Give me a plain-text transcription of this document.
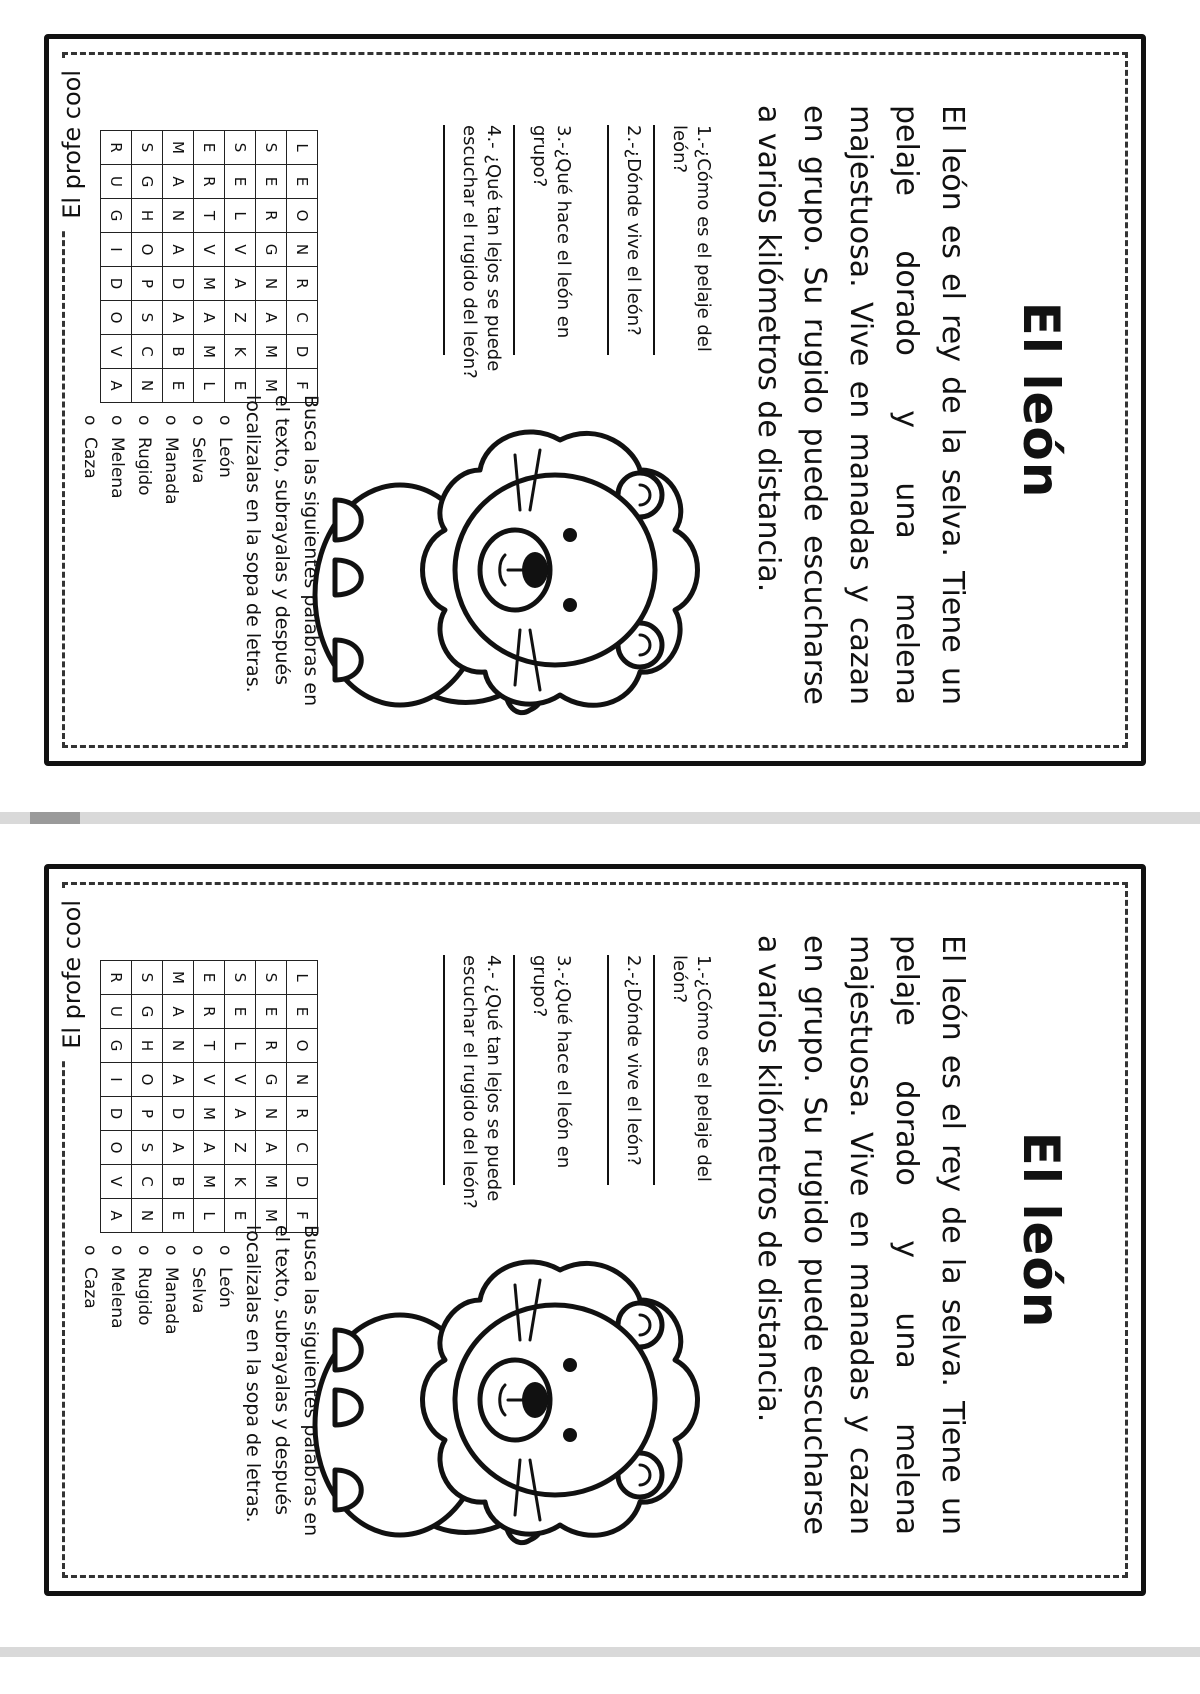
El profe cool
El león
El león es el rey de la selva. Tiene un pelaje dorado y una melena majestuosa. Vive en manadas y cazan en grupo. Su rugido puede escucharse a varios kilómetros de distancia.
1.-¿Cómo es el pelaje del león?
2.-¿Dónde vive el león?
3.-¿Qué hace el león en grupo?
4.- ¿Qué tan lejos se puede escuchar el rugido del león?
L	E	O	N	R	C	D	F
S	E	R	G	N	A	M	M
S	E	L	V	A	Z	K	E
E	R	T	V	M	A	M	L
M	A	N	A	D	A	B	E
S	G	H	O	P	S	C	N
R	U	G	I	D	O	V	A
Busca las siguientes palabras en el texto, subrayalas y después localizalas en la sopa de letras.
oLeón
oSelva
oManada
oRugido
oMelena
oCaza
El profe cool
El león
El león es el rey de la selva. Tiene un pelaje dorado y una melena majestuosa. Vive en manadas y cazan en grupo. Su rugido puede escucharse a varios kilómetros de distancia.
1.-¿Cómo es el pelaje del león?
2.-¿Dónde vive el león?
3.-¿Qué hace el león en grupo?
4.- ¿Qué tan lejos se puede escuchar el rugido del león?
L	E	O	N	R	C	D	F
S	E	R	G	N	A	M	M
S	E	L	V	A	Z	K	E
E	R	T	V	M	A	M	L
M	A	N	A	D	A	B	E
S	G	H	O	P	S	C	N
R	U	G	I	D	O	V	A
Busca las siguientes palabras en el texto, subrayalas y después localizalas en la sopa de letras.
oLeón
oSelva
oManada
oRugido
oMelena
oCaza
